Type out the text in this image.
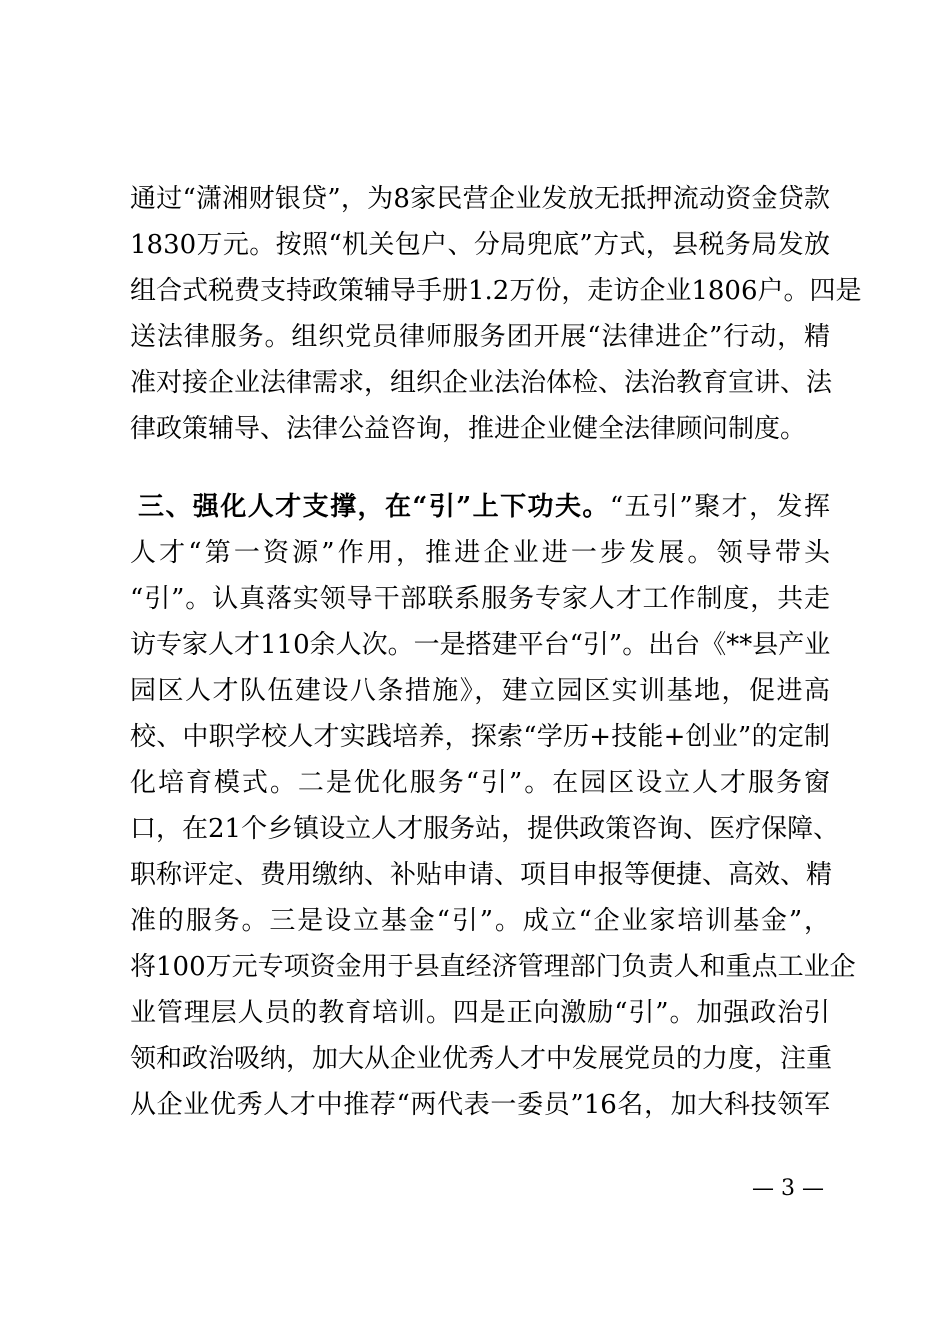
通过“潇湘财银贷”，为8家民营企业发放无抵押流动资金贷款
1830万元。按照“机关包户、分局兜底”方式，县税务局发放
组合式税费支持政策辅导手册1.2万份，走访企业1806户。四是
送法律服务。组织党员律师服务团开展“法律进企”行动，精
准对接企业法律需求，组织企业法治体检、法治教育宣讲、法
律政策辅导、法律公益咨询，推进企业健全法律顾问制度。
三、强化人才支撑，在“引”上下功夫。“五引”聚才，发挥
人才“第一资源”作用，推进企业进一步发展。领导带头
“引”。认真落实领导干部联系服务专家人才工作制度，共走
访专家人才110余人次。一是搭建平台“引”。出台《**县产业
园区人才队伍建设八条措施》，建立园区实训基地，促进高
校、中职学校人才实践培养，探索“学历+技能+创业”的定制
化培育模式。二是优化服务“引”。在园区设立人才服务窗
口，在21个乡镇设立人才服务站，提供政策咨询、医疗保障、
职称评定、费用缴纳、补贴申请、项目申报等便捷、高效、精
准的服务。三是设立基金“引”。成立“企业家培训基金”，
将100万元专项资金用于县直经济管理部门负责人和重点工业企
业管理层人员的教育培训。四是正向激励“引”。加强政治引
领和政治吸纳，加大从企业优秀人才中发展党员的力度，注重
从企业优秀人才中推荐“两代表一委员”16名，加大科技领军
— 3 —
